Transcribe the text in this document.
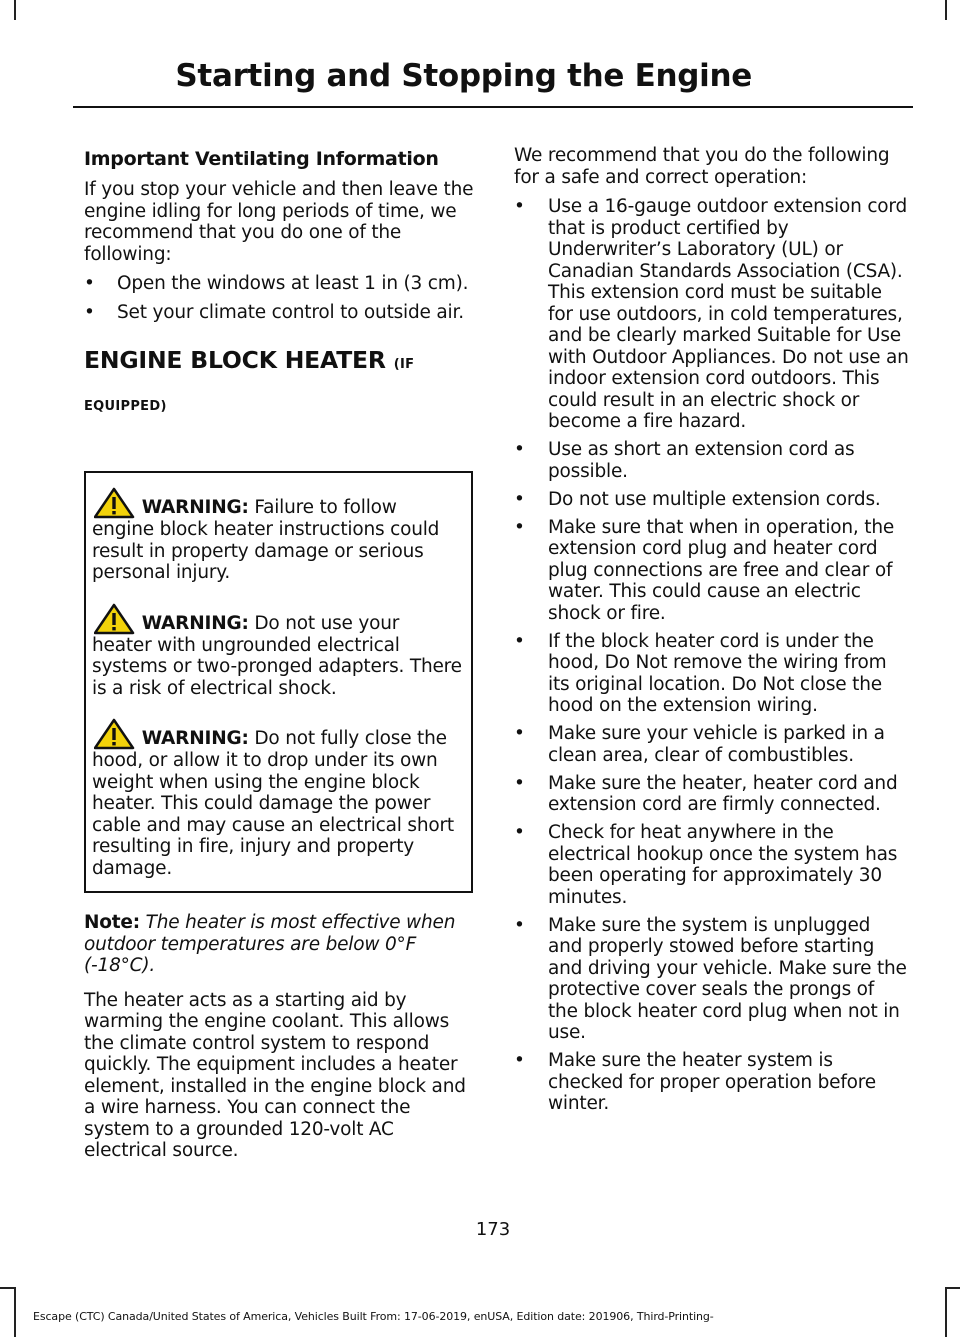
Starting and Stopping the Engine
Important Ventilating Information

If you stop your vehicle and then leave the engine idling for long periods of time, we recommend that you do one of the following:

•	Open the windows at least 1 in (3 cm).
•	Set your climate control to outside air.
ENGINE BLOCK HEATER (IF
EQUIPPED)

WARNING: Failure to follow engine block heater instructions could result in property damage or serious personal injury.

WARNING: Do not use your heater with ungrounded electrical systems or two-pronged adapters. There is a risk of electrical shock.

WARNING: Do not fully close the hood, or allow it to drop under its own weight when using the engine block heater. This could damage the power cable and may cause an electrical short resulting in fire, injury and property damage.

Note: The heater is most effective when outdoor temperatures are below 0°F (-18°C).

The heater acts as a starting aid by warming the engine coolant. This allows the climate control system to respond quickly. The equipment includes a heater element, installed in the engine block and a wire harness. You can connect the system to a grounded 120-volt AC electrical source.

We recommend that you do the following for a safe and correct operation:

•	Use a 16-gauge outdoor extension cord that is product certified by Underwriter’s Laboratory (UL) or Canadian Standards Association (CSA). This extension cord must be suitable for use outdoors, in cold temperatures, and be clearly marked Suitable for Use with Outdoor Appliances. Do not use an indoor extension cord outdoors. This could result in an electric shock or become a fire hazard.
•	Use as short an extension cord as possible.
•	Do not use multiple extension cords.
•	Make sure that when in operation, the extension cord plug and heater cord plug connections are free and clear of water. This could cause an electric shock or fire.
•	If the block heater cord is under the hood, Do Not remove the wiring from its original location. Do Not close the hood on the extension wiring.
•	Make sure your vehicle is parked in a clean area, clear of combustibles.
•	Make sure the heater, heater cord and extension cord are firmly connected.
•	Check for heat anywhere in the electrical hookup once the system has been operating for approximately 30 minutes.
•	Make sure the system is unplugged and properly stowed before starting and driving your vehicle. Make sure the protective cover seals the prongs of the block heater cord plug when not in use.
•	Make sure the heater system is checked for proper operation before winter.
173
Escape (CTC) Canada/United States of America, Vehicles Built From: 17-06-2019, enUSA, Edition date: 201906, Third-Printing-
